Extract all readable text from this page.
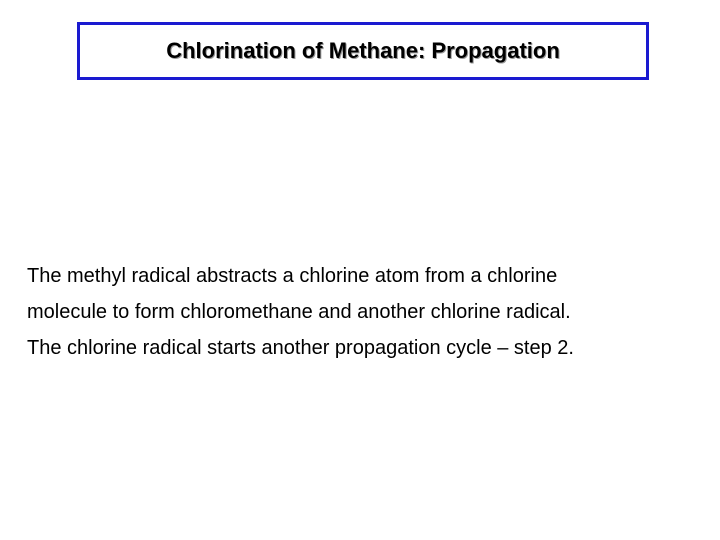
Chlorination of Methane: Propagation
The methyl radical abstracts a chlorine atom from a chlorine
molecule to form chloromethane and another chlorine radical.
The chlorine radical starts another propagation cycle – step 2.
